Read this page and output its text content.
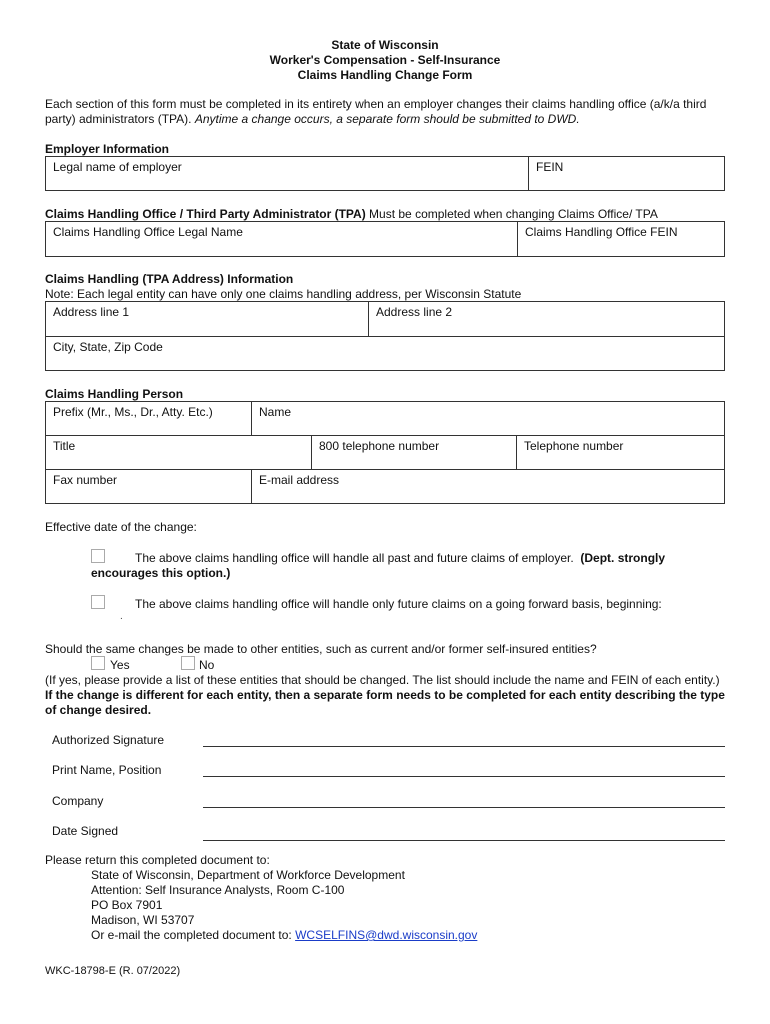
State of Wisconsin
Worker's Compensation - Self-Insurance
Claims Handling Change Form
Each section of this form must be completed in its entirety when an employer changes their claims handling office (a/k/a third party) administrators (TPA). Anytime a change occurs, a separate form should be submitted to DWD.
Employer Information
Legal name of employer	FEIN
Claims Handling Office / Third Party Administrator (TPA) Must be completed when changing Claims Office/ TPA
Claims Handling Office Legal Name	Claims Handling Office FEIN
Claims Handling (TPA Address) Information
Note: Each legal entity can have only one claims handling address, per Wisconsin Statute
Address line 1	Address line 2
City, State, Zip Code
Claims Handling Person
Prefix (Mr., Ms., Dr., Atty. Etc.)	Name
Title	800 telephone number	Telephone number
Fax number	E-mail address
Effective date of the change:
The above claims handling office will handle all past and future claims of employer. (Dept. strongly
encourages this option.)
The above claims handling office will handle only future claims on a going forward basis, beginning:
.
Should the same changes be made to other entities, such as current and/or former self-insured entities?
Yes	No
(If yes, please provide a list of these entities that should be changed. The list should include the name and FEIN of each entity.) If the change is different for each entity, then a separate form needs to be completed for each entity describing the type of change desired.
Authorized Signature
Print Name, Position
Company
Date Signed
Please return this completed document to:
State of Wisconsin, Department of Workforce Development
Attention: Self Insurance Analysts, Room C-100
PO Box 7901
Madison, WI 53707
Or e-mail the completed document to: WCSELFINS@dwd.wisconsin.gov
WKC-18798-E (R. 07/2022)
